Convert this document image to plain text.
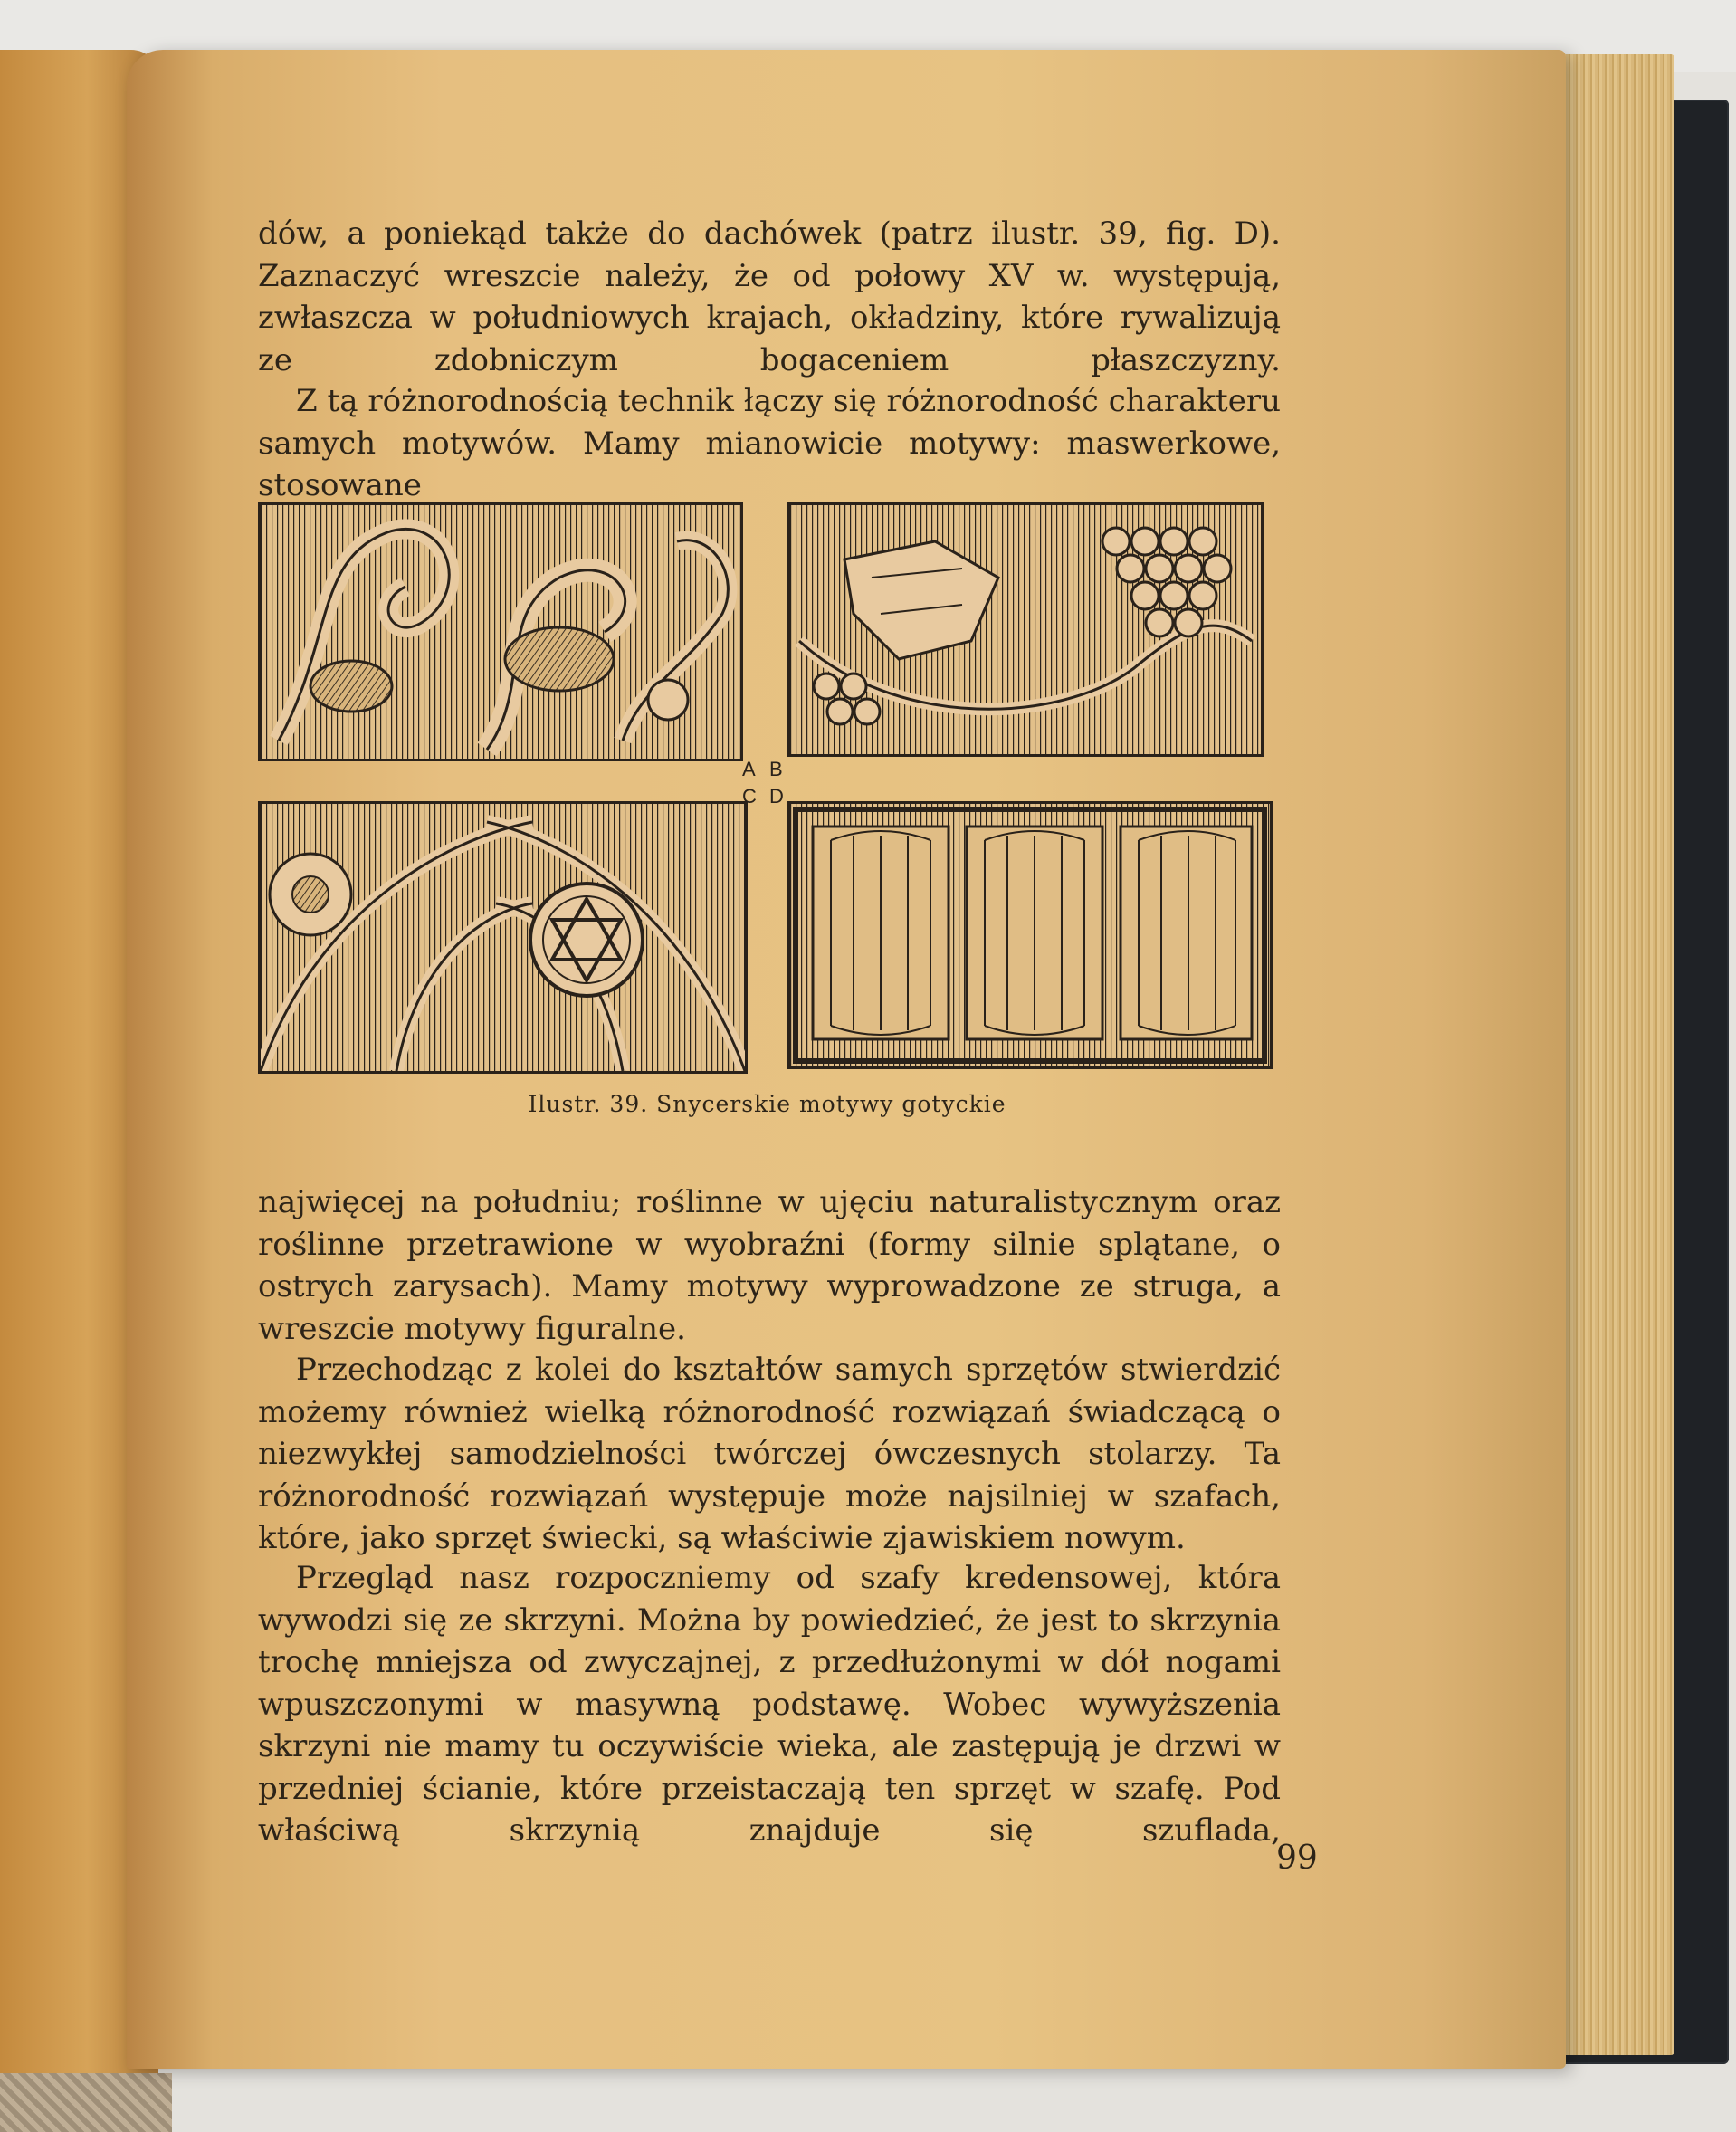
dów, a poniekąd także do dachówek (patrz ilustr. 39, fig. D). Zaznaczyć wreszcie należy, że od połowy XV w. występują, zwłaszcza w południowych krajach, okładziny, które rywalizują ze zdobniczym bogaceniem płaszczyzny.

Z tą różnorodnością technik łączy się różnorodność charakteru samych motywów. Mamy mianowicie motywy: maswerkowe, stosowane

A B
C D
Ilustr. 39. Snycerskie motywy gotyckie

najwięcej na południu; roślinne w ujęciu naturalistycznym oraz roślinne przetrawione w wyobraźni (formy silnie splątane, o ostrych zarysach). Mamy motywy wyprowadzone ze struga, a wreszcie motywy figuralne.

Przechodząc z kolei do kształtów samych sprzętów stwierdzić możemy również wielką różnorodność rozwiązań świadczącą o niezwykłej samodzielności twórczej ówczesnych stolarzy. Ta różnorodność rozwiązań występuje może najsilniej w szafach, które, jako sprzęt świecki, są właściwie zjawiskiem nowym.

Przegląd nasz rozpoczniemy od szafy kredensowej, która wywodzi się ze skrzyni. Można by powiedzieć, że jest to skrzynia trochę mniejsza od zwyczajnej, z przedłużonymi w dół nogami wpuszczonymi w masywną podstawę. Wobec wywyższenia skrzyni nie mamy tu oczywiście wieka, ale zastępują je drzwi w przedniej ścianie, które przeistaczają ten sprzęt w szafę. Pod właściwą skrzynią znajduje się szuflada,

99
